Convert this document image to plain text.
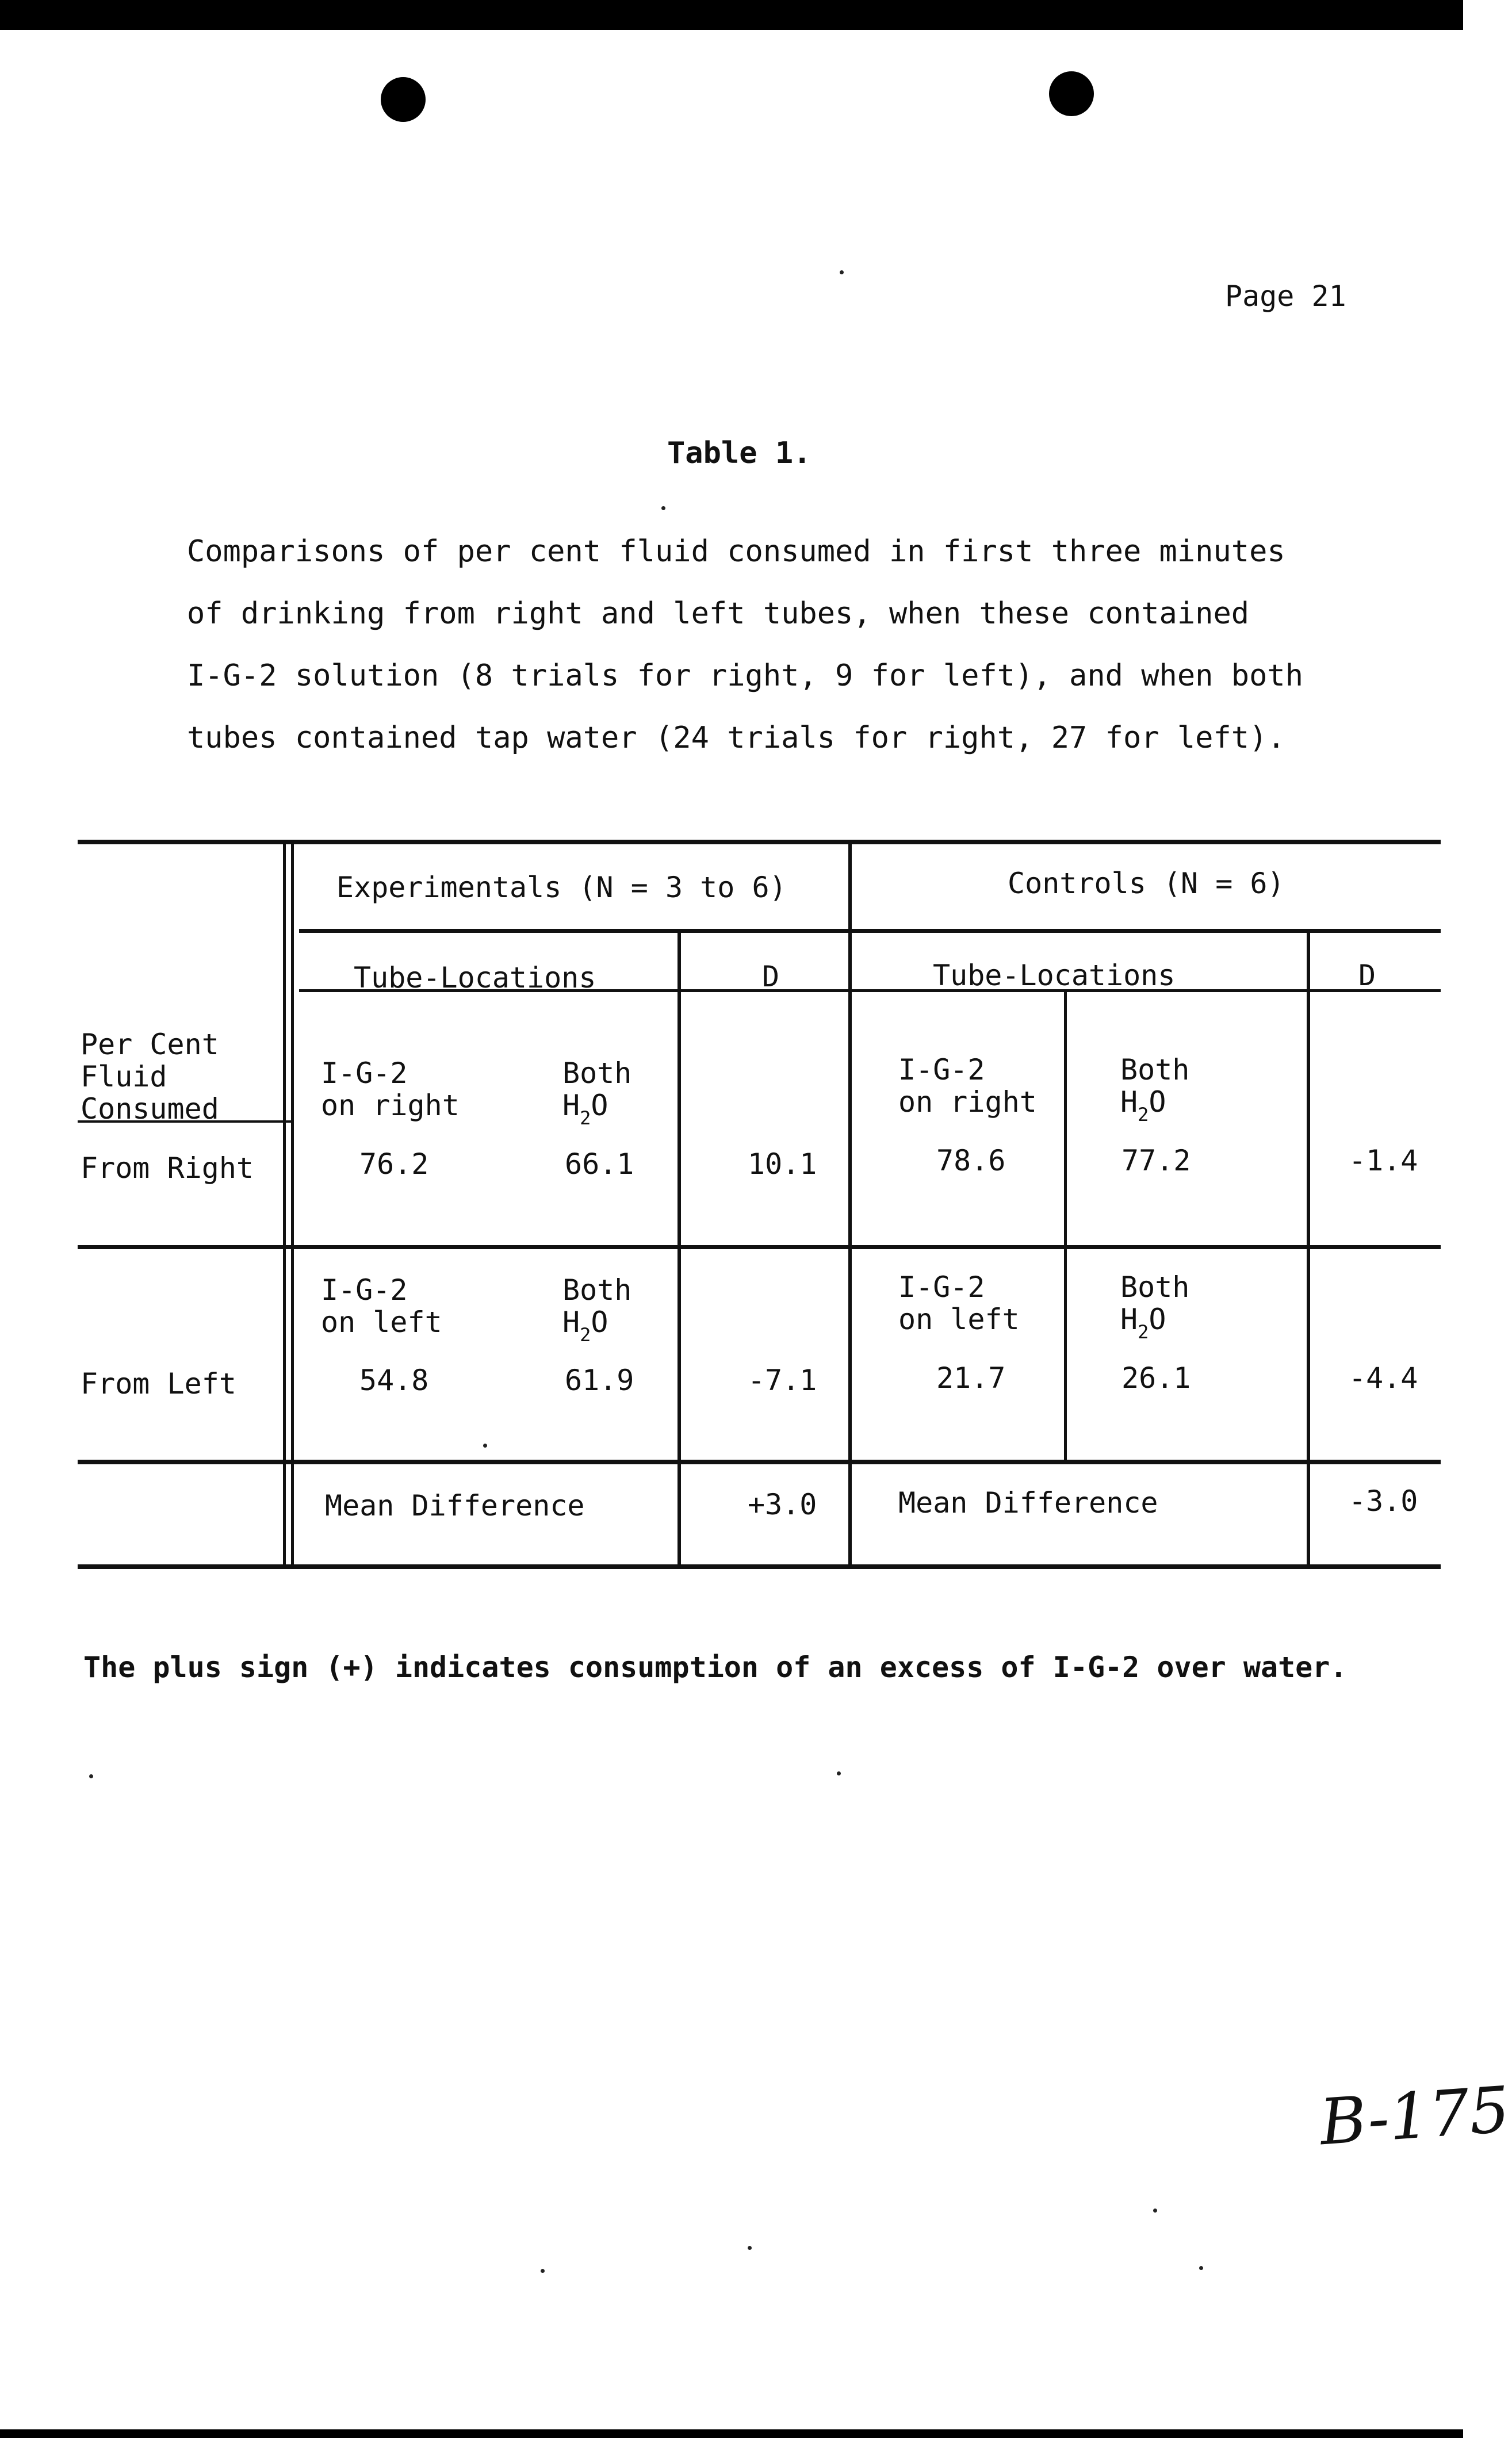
Page 21
Table 1.
Comparisons of per cent fluid consumed in first three minutes
of drinking from right and left tubes, when these contained
I-G-2 solution (8 trials for right, 9 for left), and when both
tubes contained tap water (24 trials for right, 27 for left).
Experimentals (N = 3 to 6)	Controls (N = 6)
Tube-Locations	D	Tube-Locations	D
Per Cent
Fluid
Consumed
I-G-2
on right
Both
$H_2O$
I-G-2
on right
Both
$H_2O$
From Right	76.2	66.1	10.1	78.6	77.2	-1.4
I-G-2
on left
Both
$H_2O$
I-G-2
on left
Both
$H_2O$
From Left	54.8	61.9	-7.1	21.7	26.1	-4.4
Mean Difference	+3.0	Mean Difference	-3.0
The plus sign (+) indicates consumption of an excess of I-G-2 over water.
B-175
